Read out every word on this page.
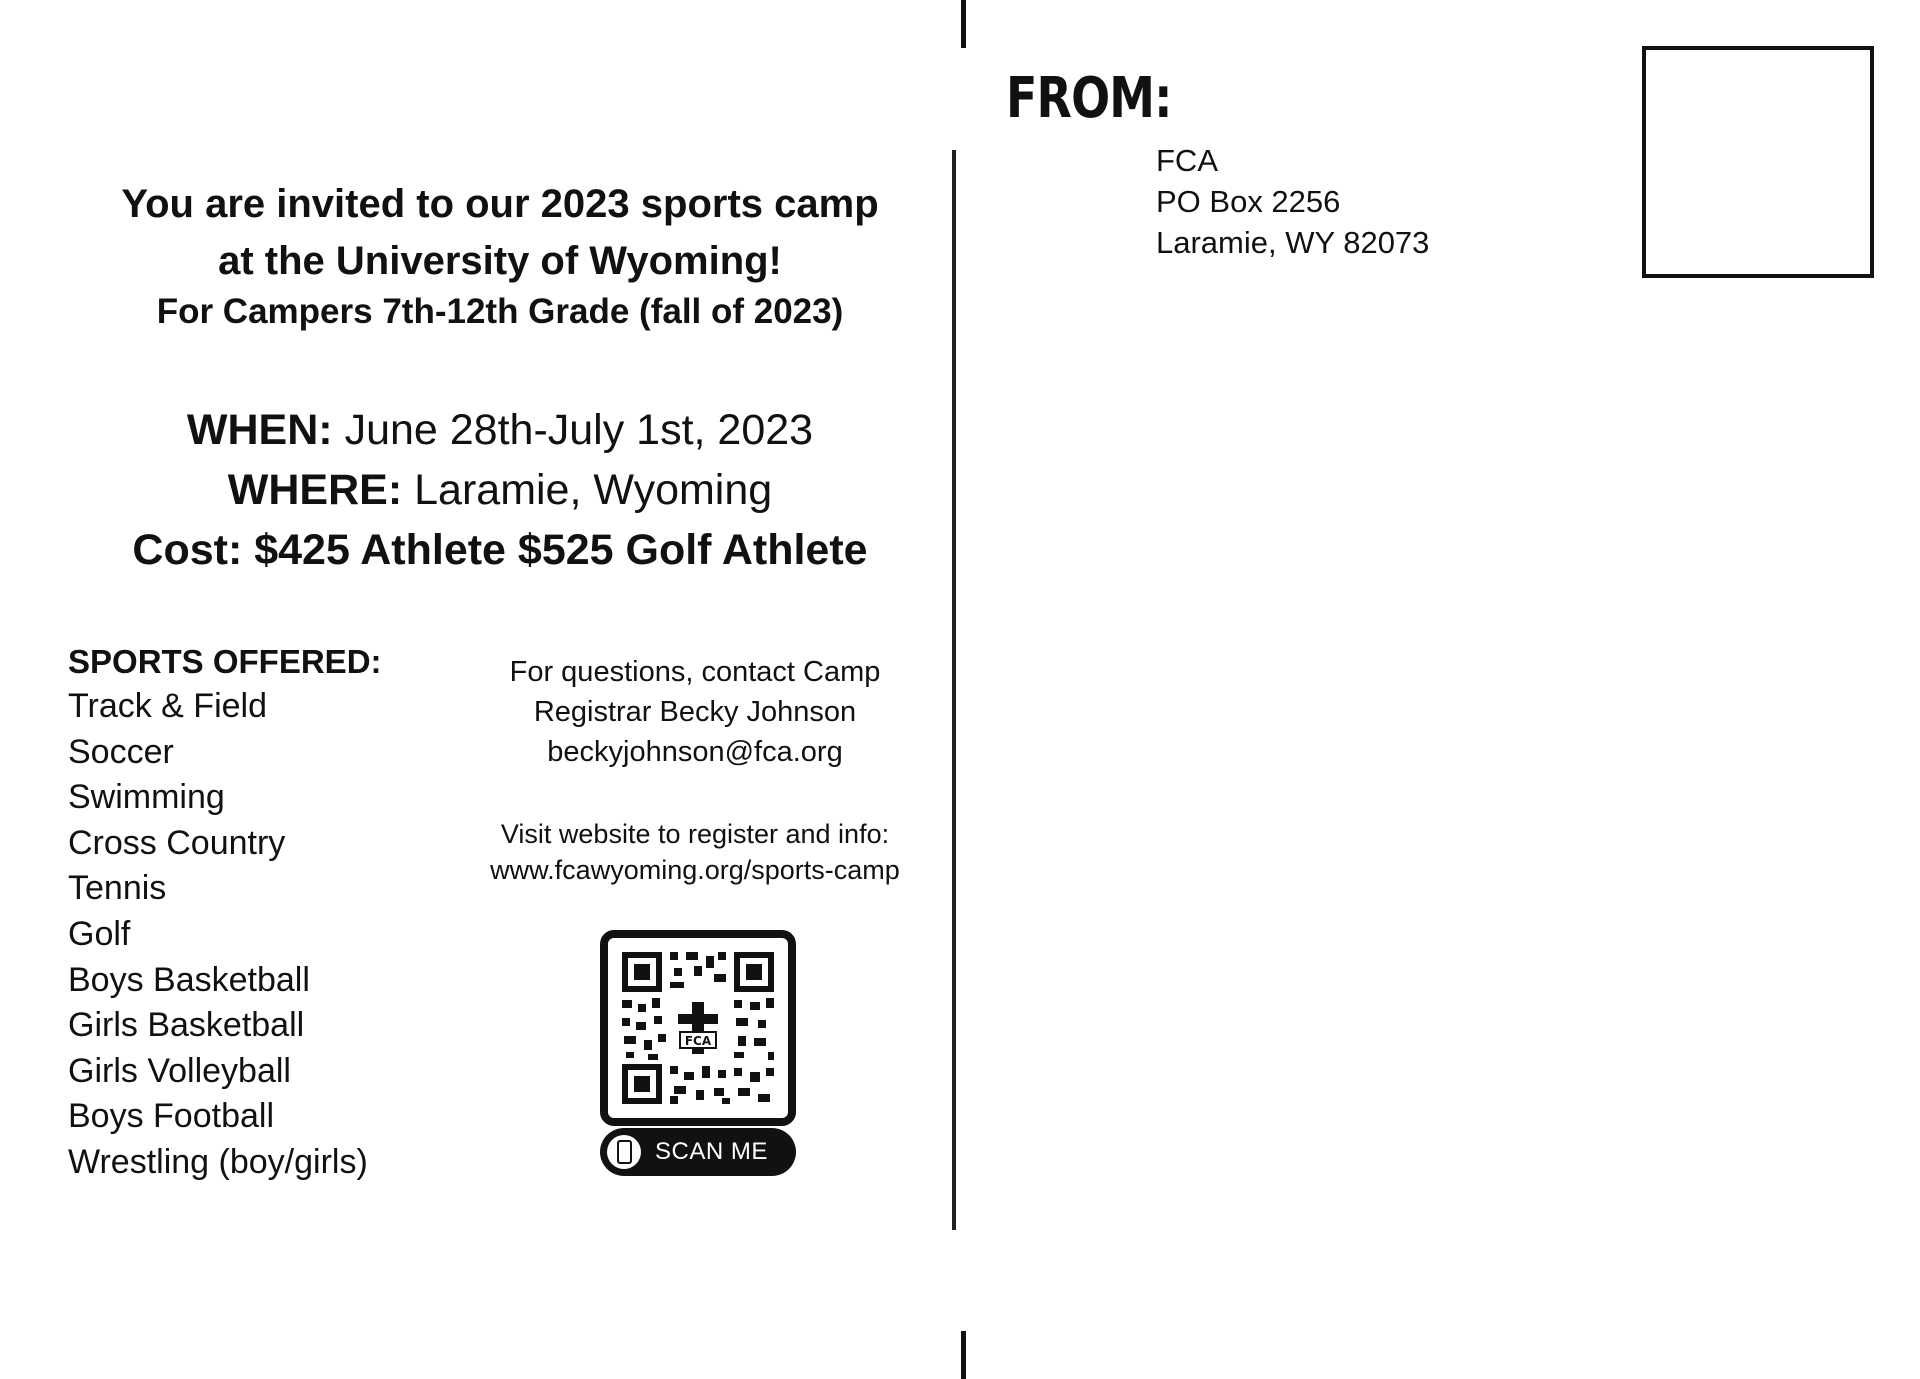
You are invited to our 2023 sports camp
at the University of Wyoming!
For Campers 7th-12th Grade (fall of 2023)
WHEN: June 28th-July 1st, 2023
WHERE: Laramie, Wyoming
Cost: $425 Athlete $525 Golf Athlete

SPORTS OFFERED:

Track & Field
Soccer
Swimming
Cross Country
Tennis
Golf
Boys Basketball
Girls Basketball
Girls Volleyball
Boys Football
Wrestling (boy/girls)
For questions, contact Camp
Registrar Becky Johnson
beckyjohnson@fca.org
Visit website to register and info:
www.fcawyoming.org/sports-camp
FCA
SCAN ME
FROM:
FCA
PO Box 2256
Laramie, WY 82073
